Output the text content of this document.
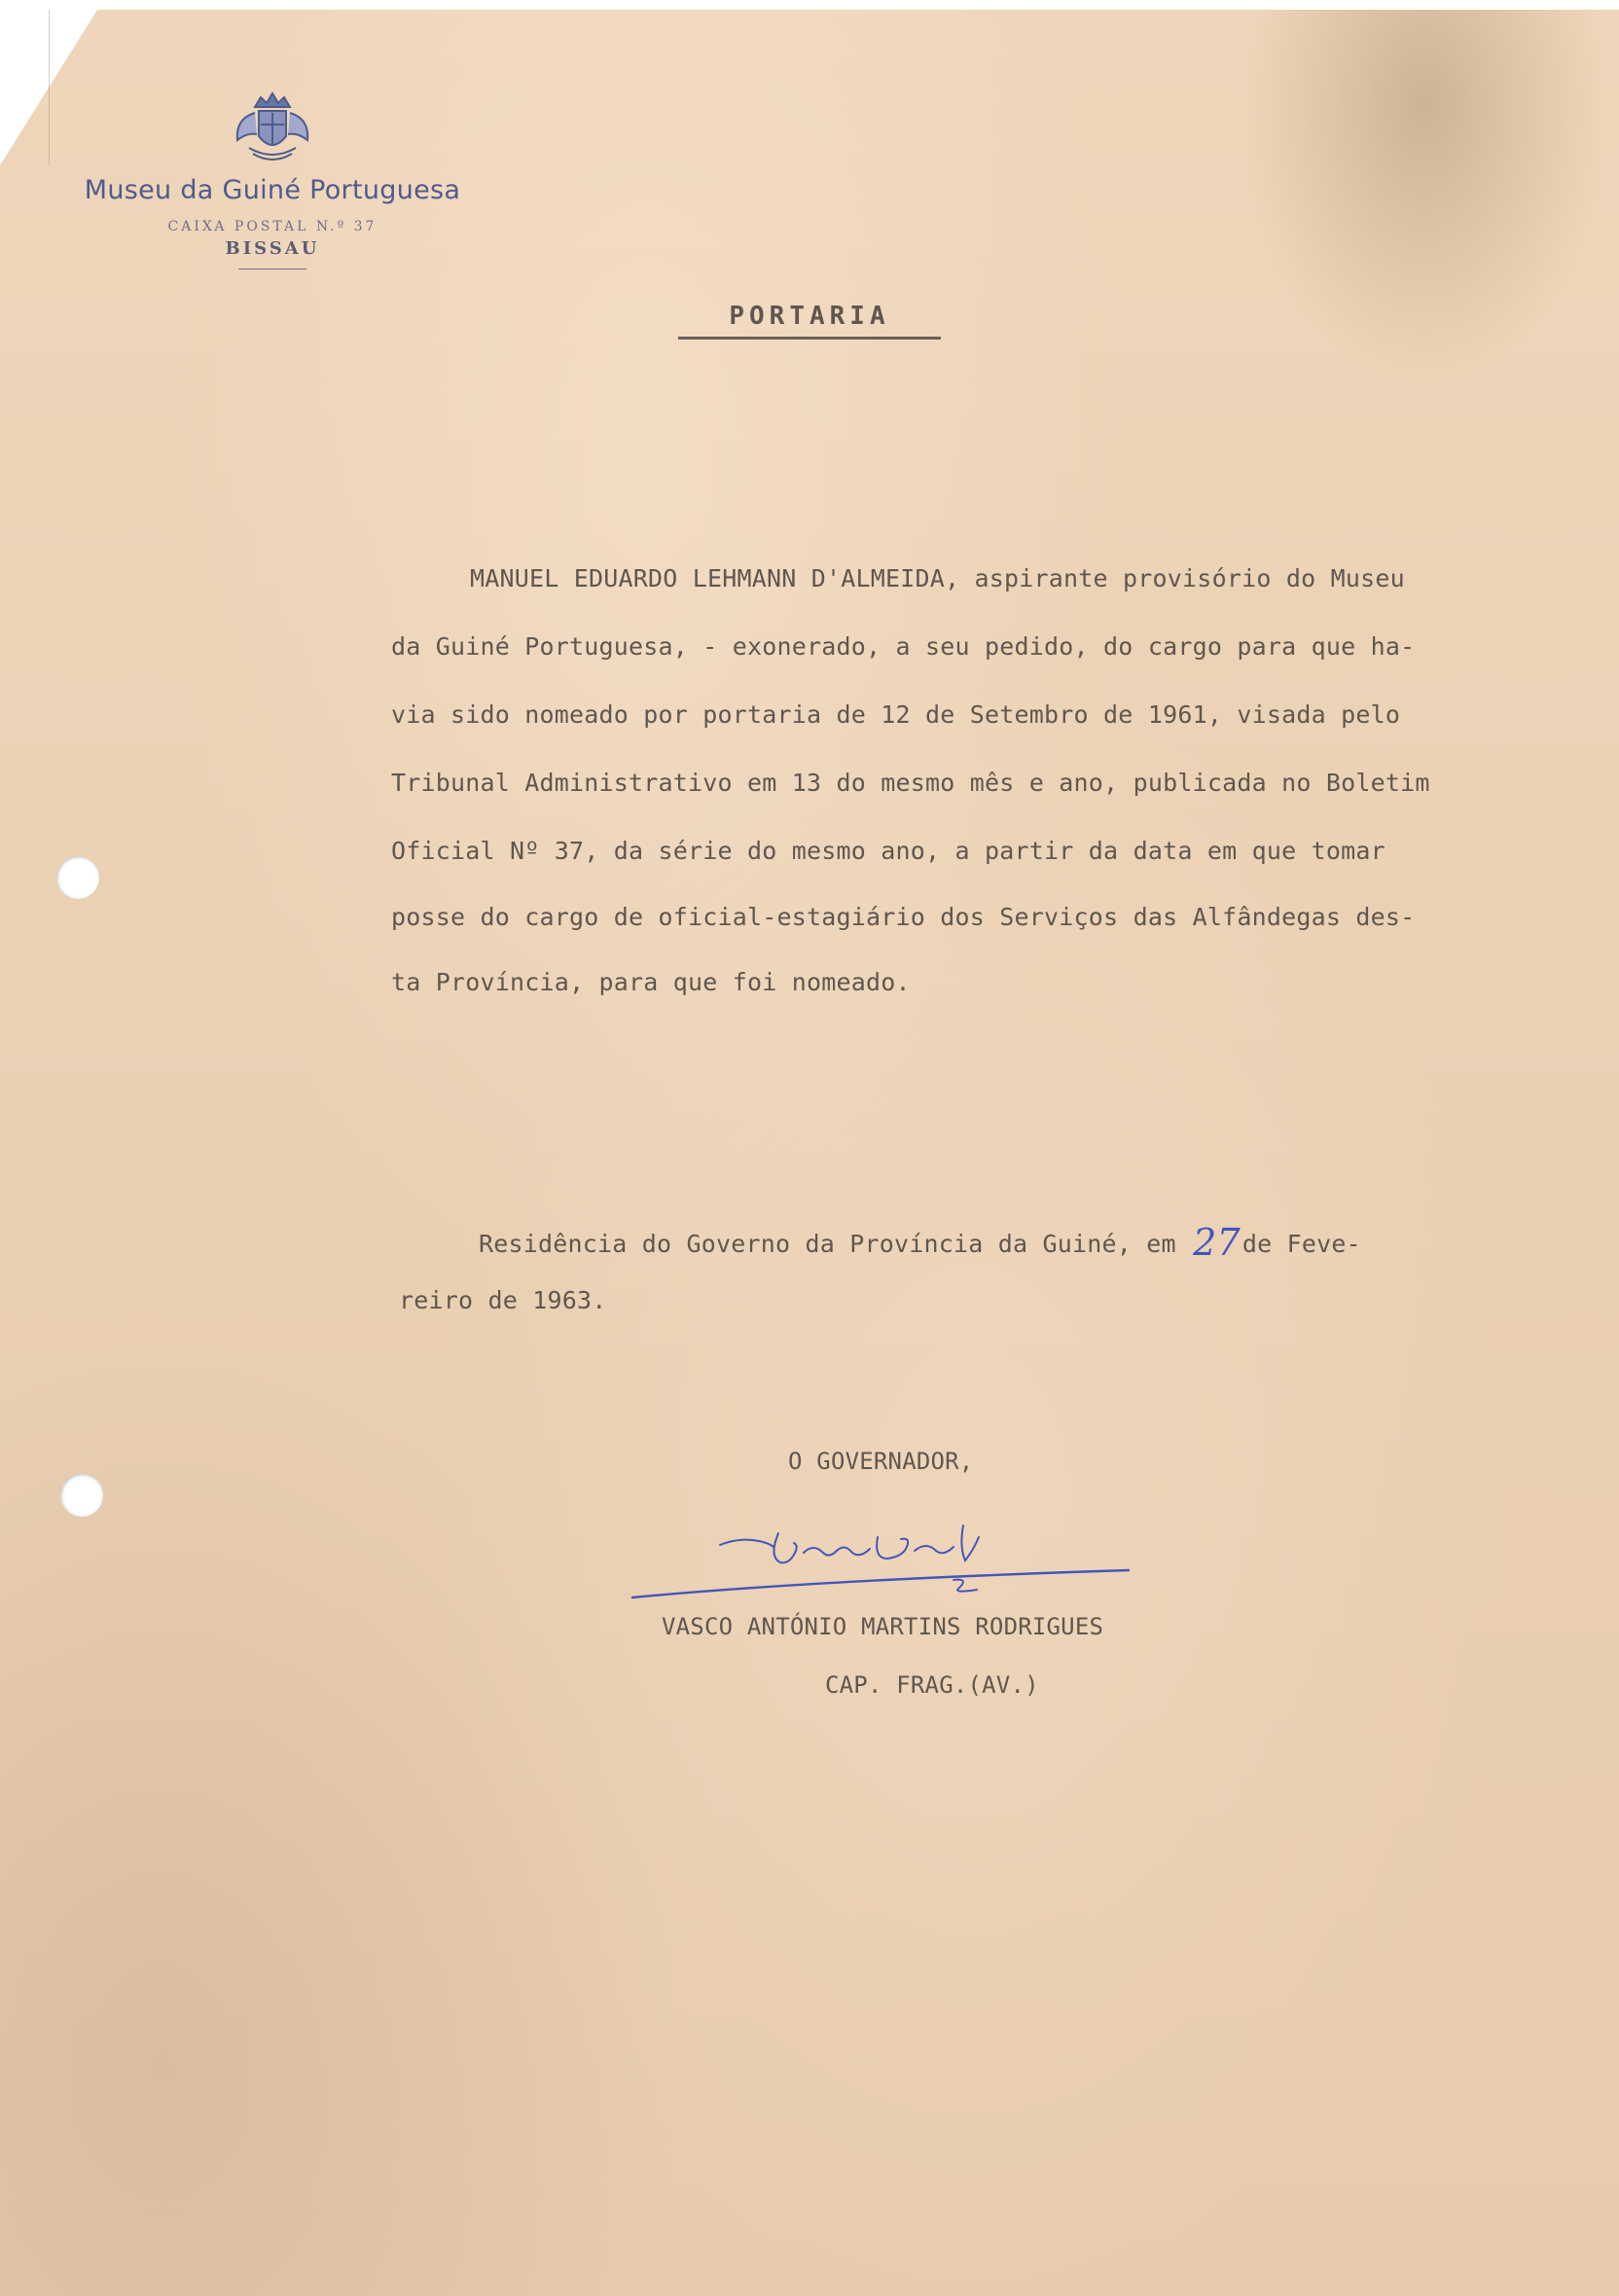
Museu da Guiné Portuguesa
CAIXA POSTAL N.º 37
BISSAU
PORTARIA
MANUEL EDUARDO LEHMANN D'ALMEIDA, aspirante provisório do Museu
da Guiné Portuguesa, - exonerado, a seu pedido, do cargo para que ha-
via sido nomeado por portaria de 12 de Setembro de 1961, visada pelo
Tribunal Administrativo em 13 do mesmo mês e ano, publicada no Boletim
Oficial Nº 37, da série do mesmo ano, a partir da data em que tomar
posse do cargo de oficial-estagiário dos Serviços das Alfândegas des-
ta Província, para que foi nomeado.
Residência do Governo da Província da Guiné, em 27de Feve-
reiro de 1963.
O GOVERNADOR,
VASCO ANTÓNIO MARTINS RODRIGUES
CAP. FRAG.(AV.)
